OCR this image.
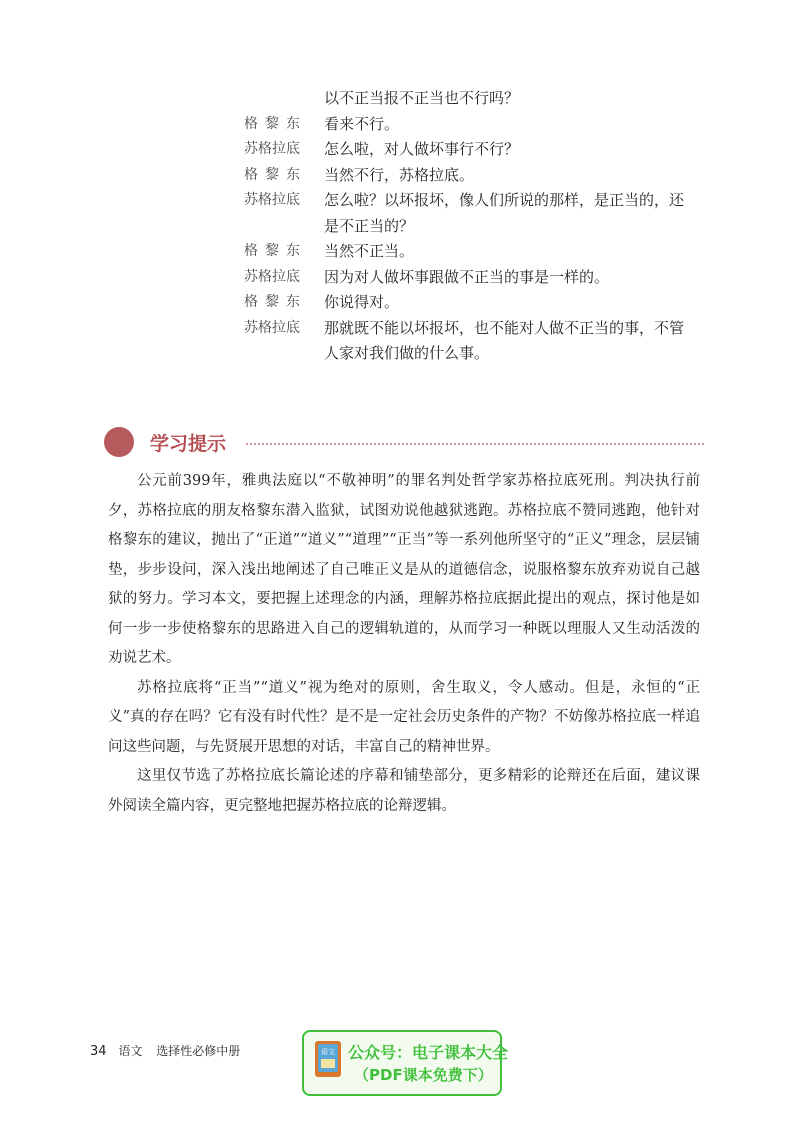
以不正当报不正当也不行吗？
格黎东	看来不行。
苏格拉底	怎么啦，对人做坏事行不行？
格黎东	当然不行，苏格拉底。
苏格拉底	怎么啦？以坏报坏，像人们所说的那样，是正当的，还
是不正当的？
格黎东	当然不正当。
苏格拉底	因为对人做坏事跟做不正当的事是一样的。
格黎东	你说得对。
苏格拉底	那就既不能以坏报坏，也不能对人做不正当的事，不管
人家对我们做的什么事。
学习提示

公元前399年，雅典法庭以“不敬神明”的罪名判处哲学家苏格拉底死刑。判决执行前夕，苏格拉底的朋友格黎东潜入监狱，试图劝说他越狱逃跑。苏格拉底不赞同逃跑，他针对格黎东的建议，抛出了“正道”“道义”“道理”“正当”等一系列他所坚守的“正义”理念，层层铺垫，步步设问，深入浅出地阐述了自己唯正义是从的道德信念，说服格黎东放弃劝说自己越狱的努力。学习本文，要把握上述理念的内涵，理解苏格拉底据此提出的观点，探讨他是如何一步一步使格黎东的思路进入自己的逻辑轨道的，从而学习一种既以理服人又生动活泼的劝说艺术。

苏格拉底将“正当”“道义”视为绝对的原则，舍生取义，令人感动。但是，永恒的“正义”真的存在吗？它有没有时代性？是不是一定社会历史条件的产物？不妨像苏格拉底一样追问这些问题，与先贤展开思想的对话，丰富自己的精神世界。

这里仅节选了苏格拉底长篇论述的序幕和铺垫部分，更多精彩的论辩还在后面，建议课外阅读全篇内容，更完整地把握苏格拉底的论辩逻辑。

34 语文 选择性必修中册	语文 公众号：电子课本大全
（PDF课本免费下）
